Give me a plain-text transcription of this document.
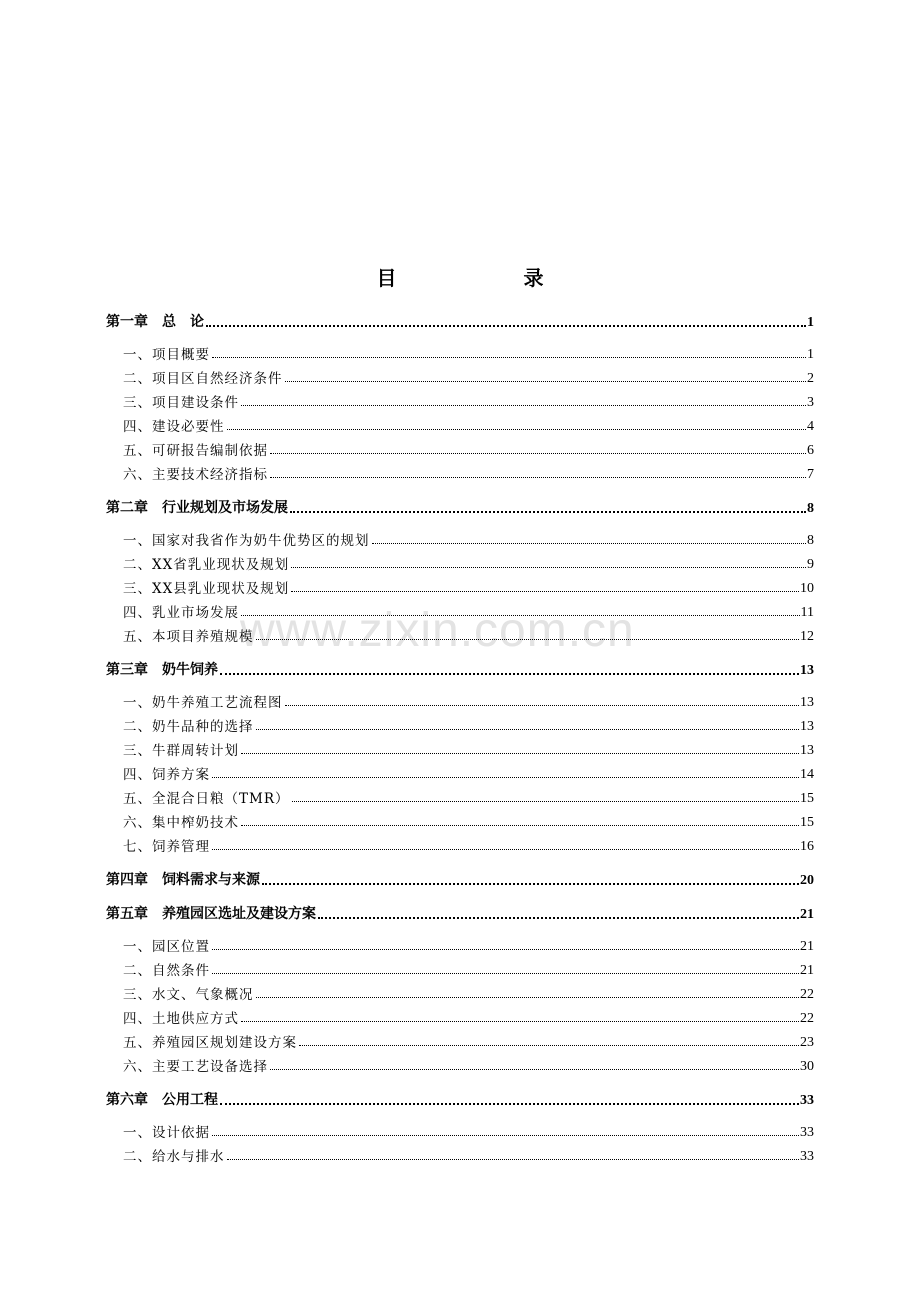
目 录
www.zixin.com.cn
第一章　总　论	1
一、项目概要	1
二、项目区自然经济条件	2
三、项目建设条件	3
四、建设必要性	4
五、可研报告编制依据	6
六、主要技术经济指标	7
第二章　行业规划及市场发展	8
一、国家对我省作为奶牛优势区的规划	8
二、XX省乳业现状及规划	9
三、XX县乳业现状及规划	10
四、乳业市场发展	11
五、本项目养殖规模	12
第三章　奶牛饲养	13
一、奶牛养殖工艺流程图	13
二、奶牛品种的选择	13
三、牛群周转计划	13
四、饲养方案	14
五、全混合日粮（TMR）	15
六、集中榨奶技术	15
七、饲养管理	16
第四章　饲料需求与来源	20
第五章　养殖园区选址及建设方案	21
一、园区位置	21
二、自然条件	21
三、水文、气象概况	22
四、土地供应方式	22
五、养殖园区规划建设方案	23
六、主要工艺设备选择	30
第六章　公用工程	33
一、设计依据	33
二、给水与排水	33
